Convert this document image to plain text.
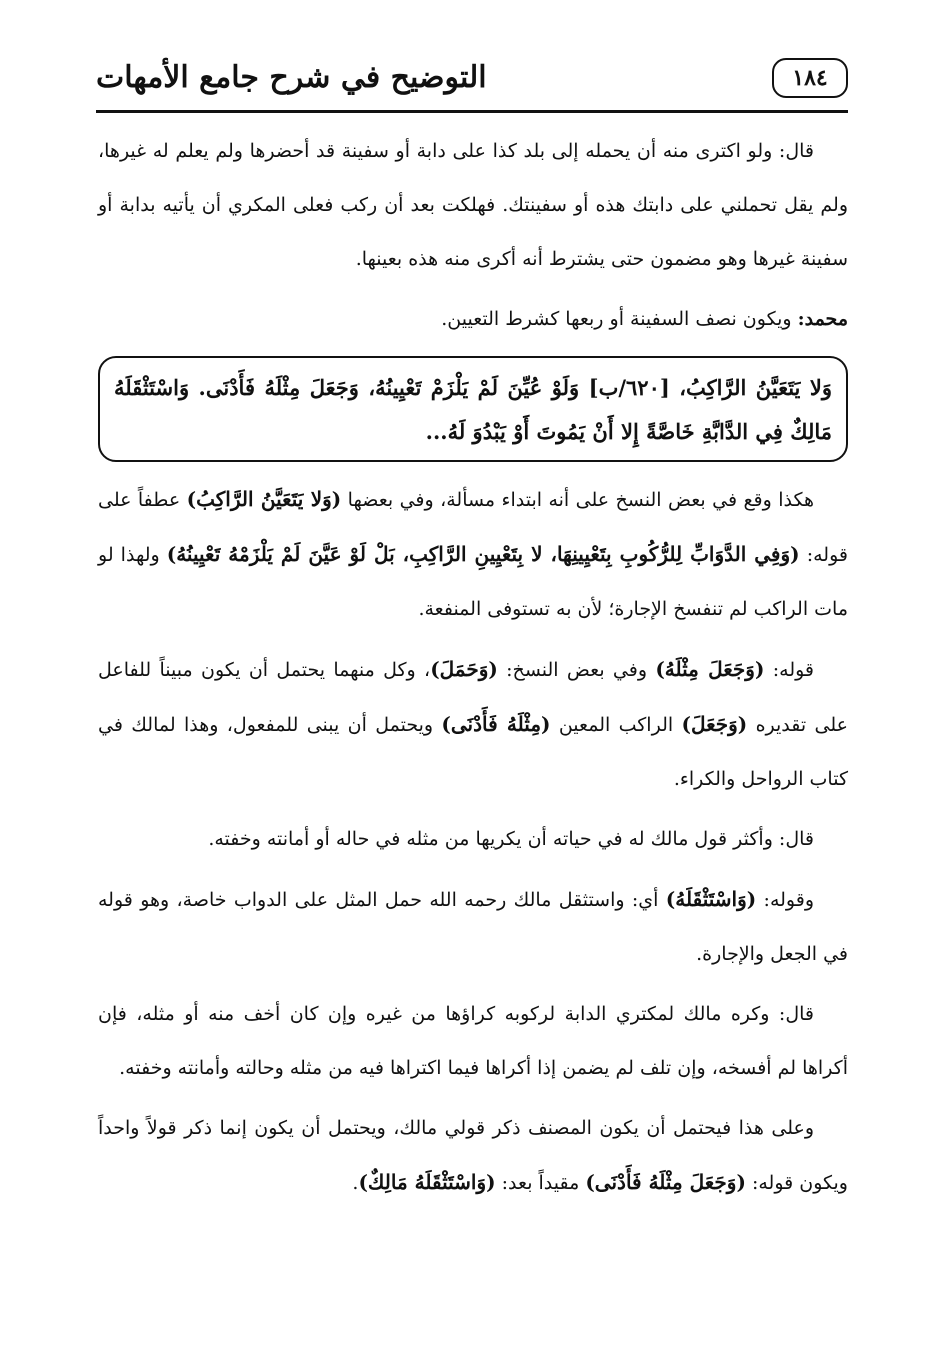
التوضيح في شرح جامع الأمهات	١٨٤

قال: ولو اكترى منه أن يحمله إلى بلد كذا على دابة أو سفينة قد أحضرها ولم يعلم له غيرها، ولم يقل تحملني على دابتك هذه أو سفينتك. فهلكت بعد أن ركب فعلى المكري أن يأتيه بدابة أو سفينة غيرها وهو مضمون حتى يشترط أنه أكرى منه هذه بعينها.

محمد: ويكون نصف السفينة أو ربعها كشرط التعيين.

وَلا يَتَعَيَّنُ الرَّاكِبُ، [٦٢٠/ب] وَلَوْ عُيِّنَ لَمْ يَلْزَمْ تَعْيِينُهُ، وَجَعَلَ مِثْلَهُ فَأَدْنَى. وَاسْتَثْقَلَهُ مَالِكٌ فِي الدَّابَّةِ خَاصَّةً إِلا أَنْ يَمُوتَ أَوْ يَبْدُوَ لَهُ...

هكذا وقع في بعض النسخ على أنه ابتداء مسألة، وفي بعضها (وَلا يَتَعَيَّنُ الرَّاكِبُ) عطفاً على قوله: (وَفِي الدَّوَابِّ لِلرُّكُوبِ بِتَعْيِينِهَا، لا بِتَعْيِينِ الرَّاكِبِ، بَلْ لَوْ عَيَّنَ لَمْ يَلْزَمْهُ تَعْيِينُهُ) ولهذا لو مات الراكب لم تنفسخ الإجارة؛ لأن به تستوفى المنفعة.

قوله: (وَجَعَلَ مِثْلَهُ) وفي بعض النسخ: (وَحَمَلَ)، وكل منهما يحتمل أن يكون مبيناً للفاعل على تقديره (وَجَعَلَ) الراكب المعين (مِثْلَهُ فَأَدْنَى) ويحتمل أن يبنى للمفعول، وهذا لمالك في كتاب الرواحل والكراء.

قال: وأكثر قول مالك له في حياته أن يكريها من مثله في حاله أو أمانته وخفته.

وقوله: (وَاسْتَثْقَلَهُ) أي: واستثقل مالك رحمه الله حمل المثل على الدواب خاصة، وهو قوله في الجعل والإجارة.

قال: وكره مالك لمكتري الدابة لركوبه كراؤها من غيره وإن كان أخف منه أو مثله، فإن أكراها لم أفسخه، وإن تلف لم يضمن إذا أكراها فيما اكتراها فيه من مثله وحالته وأمانته وخفته.

وعلى هذا فيحتمل أن يكون المصنف ذكر قولي مالك، ويحتمل أن يكون إنما ذكر قولاً واحداً ويكون قوله: (وَجَعَلَ مِثْلَهُ فَأَدْنَى) مقيداً بعد: (وَاسْتَثْقَلَهُ مَالِكٌ).
